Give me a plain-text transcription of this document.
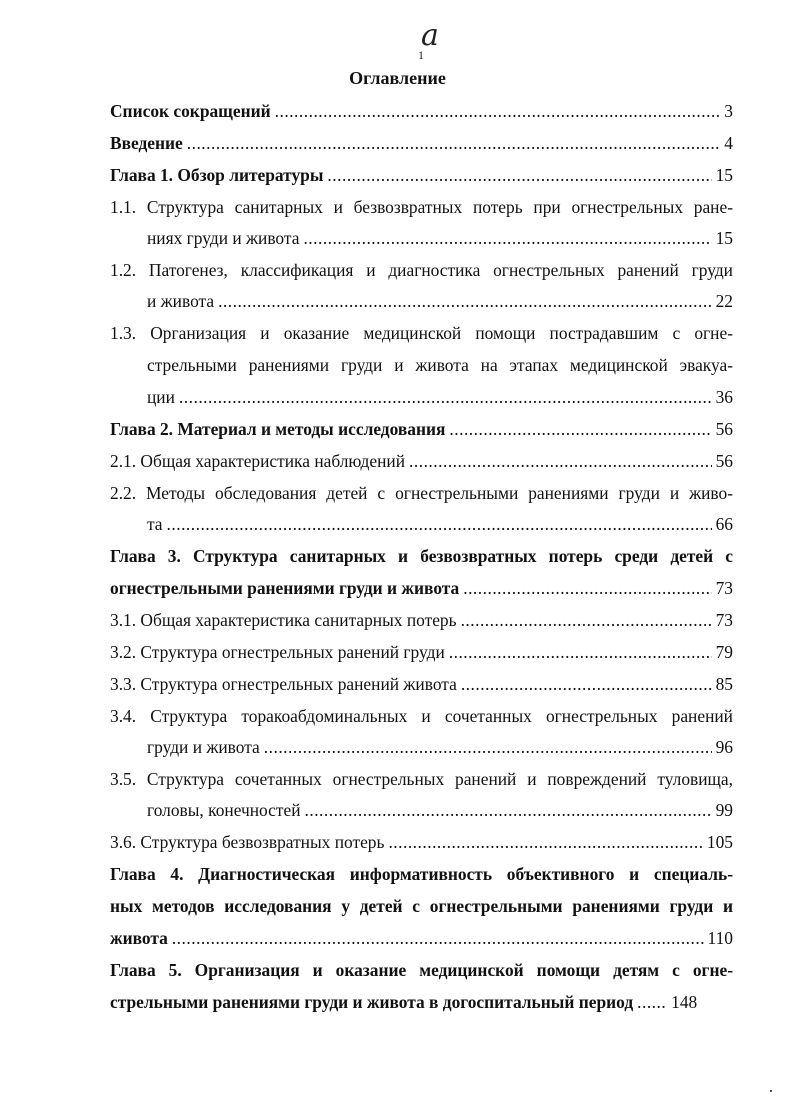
a
1
Оглавление
Список сокращений .....	3
Введение .....	4
Глава 1. Обзор литературы .....	15
1.1. Структура санитарных и безвозвратных потерь при огнестрельных ране-
ниях груди и живота .....	15
1.2. Патогенез, классификация и диагностика огнестрельных ранений груди
и живота .....	22
1.3. Организация и оказание медицинской помощи пострадавшим с огне-
стрельными ранениями груди и живота на этапах медицинской эвакуа-
ции .....	36
Глава 2. Материал и методы исследования .....	56
2.1. Общая характеристика наблюдений .....	56
2.2. Методы обследования детей с огнестрельными ранениями груди и живо-
та .....	66
Глава 3. Структура санитарных и безвозвратных потерь среди детей с
огнестрельными ранениями груди и живота .....	73
3.1. Общая характеристика санитарных потерь .....	73
3.2. Структура огнестрельных ранений груди .....	79
3.3. Структура огнестрельных ранений живота .....	85
3.4. Структура торакоабдоминальных и сочетанных огнестрельных ранений
груди и живота .....	96
3.5. Структура сочетанных огнестрельных ранений и повреждений туловища,
головы, конечностей .....	99
3.6. Структура безвозвратных потерь .....	105
Глава 4. Диагностическая информативность объективного и специаль-
ных методов исследования у детей с огнестрельными ранениями груди и
живота .....	110
Глава 5. Организация и оказание медицинской помощи детям с огне-
стрельными ранениями груди и живота в догоспитальный период ..... 148
